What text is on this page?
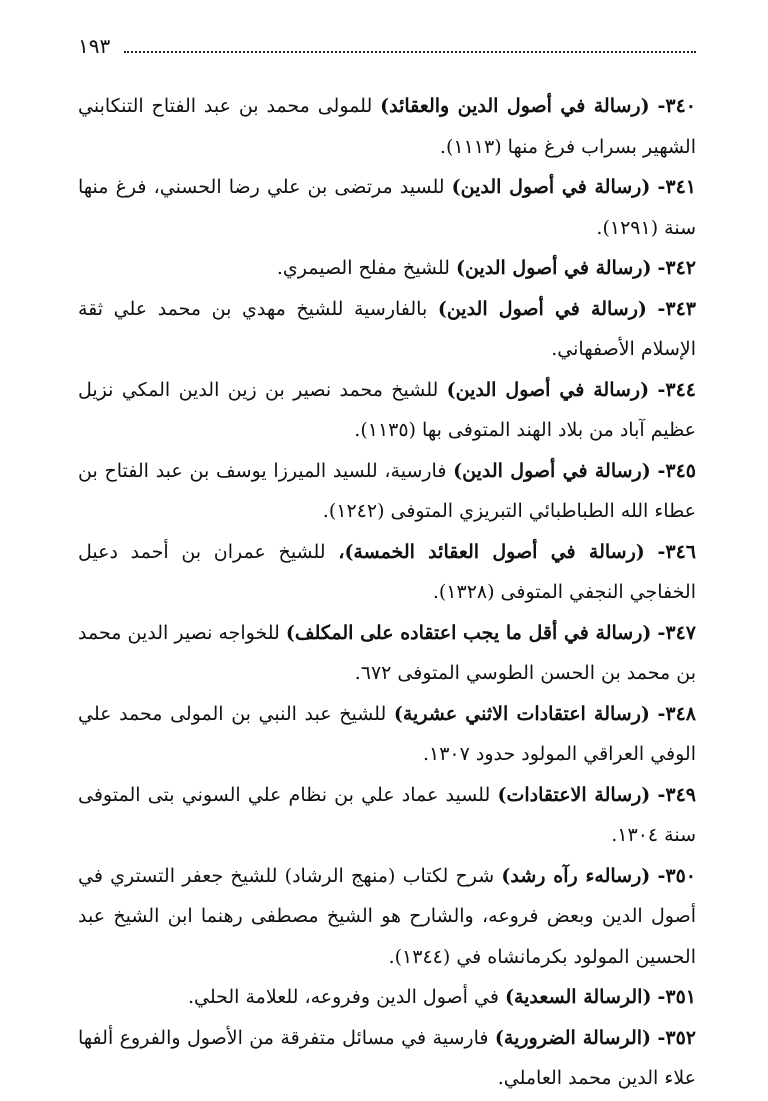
١٩٣

٣٤٠- (رسالة في أصول الدين والعقائد) للمولى محمد بن عبد الفتاح التنكابني الشهير بسراب فرغ منها (١١١٣).

٣٤١- (رسالة في أصول الدين) للسيد مرتضى بن علي رضا الحسني، فرغ منها سنة (١٢٩١).

٣٤٢- (رسالة في أصول الدين) للشيخ مفلح الصيمري.

٣٤٣- (رسالة في أصول الدين) بالفارسية للشيخ مهدي بن محمد علي ثقة الإسلام الأصفهاني.

٣٤٤- (رسالة في أصول الدين) للشيخ محمد نصير بن زين الدين المكي نزيل عظيم آباد من بلاد الهند المتوفى بها (١١٣٥).

٣٤٥- (رسالة في أصول الدين) فارسية، للسيد الميرزا يوسف بن عبد الفتاح بن عطاء الله الطباطبائي التبريزي المتوفى (١٢٤٢).

٣٤٦- (رسالة في أصول العقائد الخمسة)، للشيخ عمران بن أحمد دعيل الخفاجي النجفي المتوفى (١٣٢٨).

٣٤٧- (رسالة في أقل ما يجب اعتقاده على المكلف) للخواجه نصير الدين محمد بن محمد بن الحسن الطوسي المتوفى ٦٧٢.

٣٤٨- (رسالة اعتقادات الاثني عشرية) للشيخ عبد النبي بن المولى محمد علي الوفي العراقي المولود حدود ١٣٠٧.

٣٤٩- (رسالة الاعتقادات) للسيد عماد علي بن نظام علي السوني بتى المتوفى سنة ١٣٠٤.

٣٥٠- (رسالهء رآه رشد) شرح لكتاب (منهج الرشاد) للشيخ جعفر التستري في أصول الدين وبعض فروعه، والشارح هو الشيخ مصطفى رهنما ابن الشيخ عبد الحسين المولود بكرمانشاه في (١٣٤٤).

٣٥١- (الرسالة السعدية) في أصول الدين وفروعه، للعلامة الحلي.

٣٥٢- (الرسالة الضرورية) فارسية في مسائل متفرقة من الأصول والفروع ألفها علاء الدين محمد العاملي.
